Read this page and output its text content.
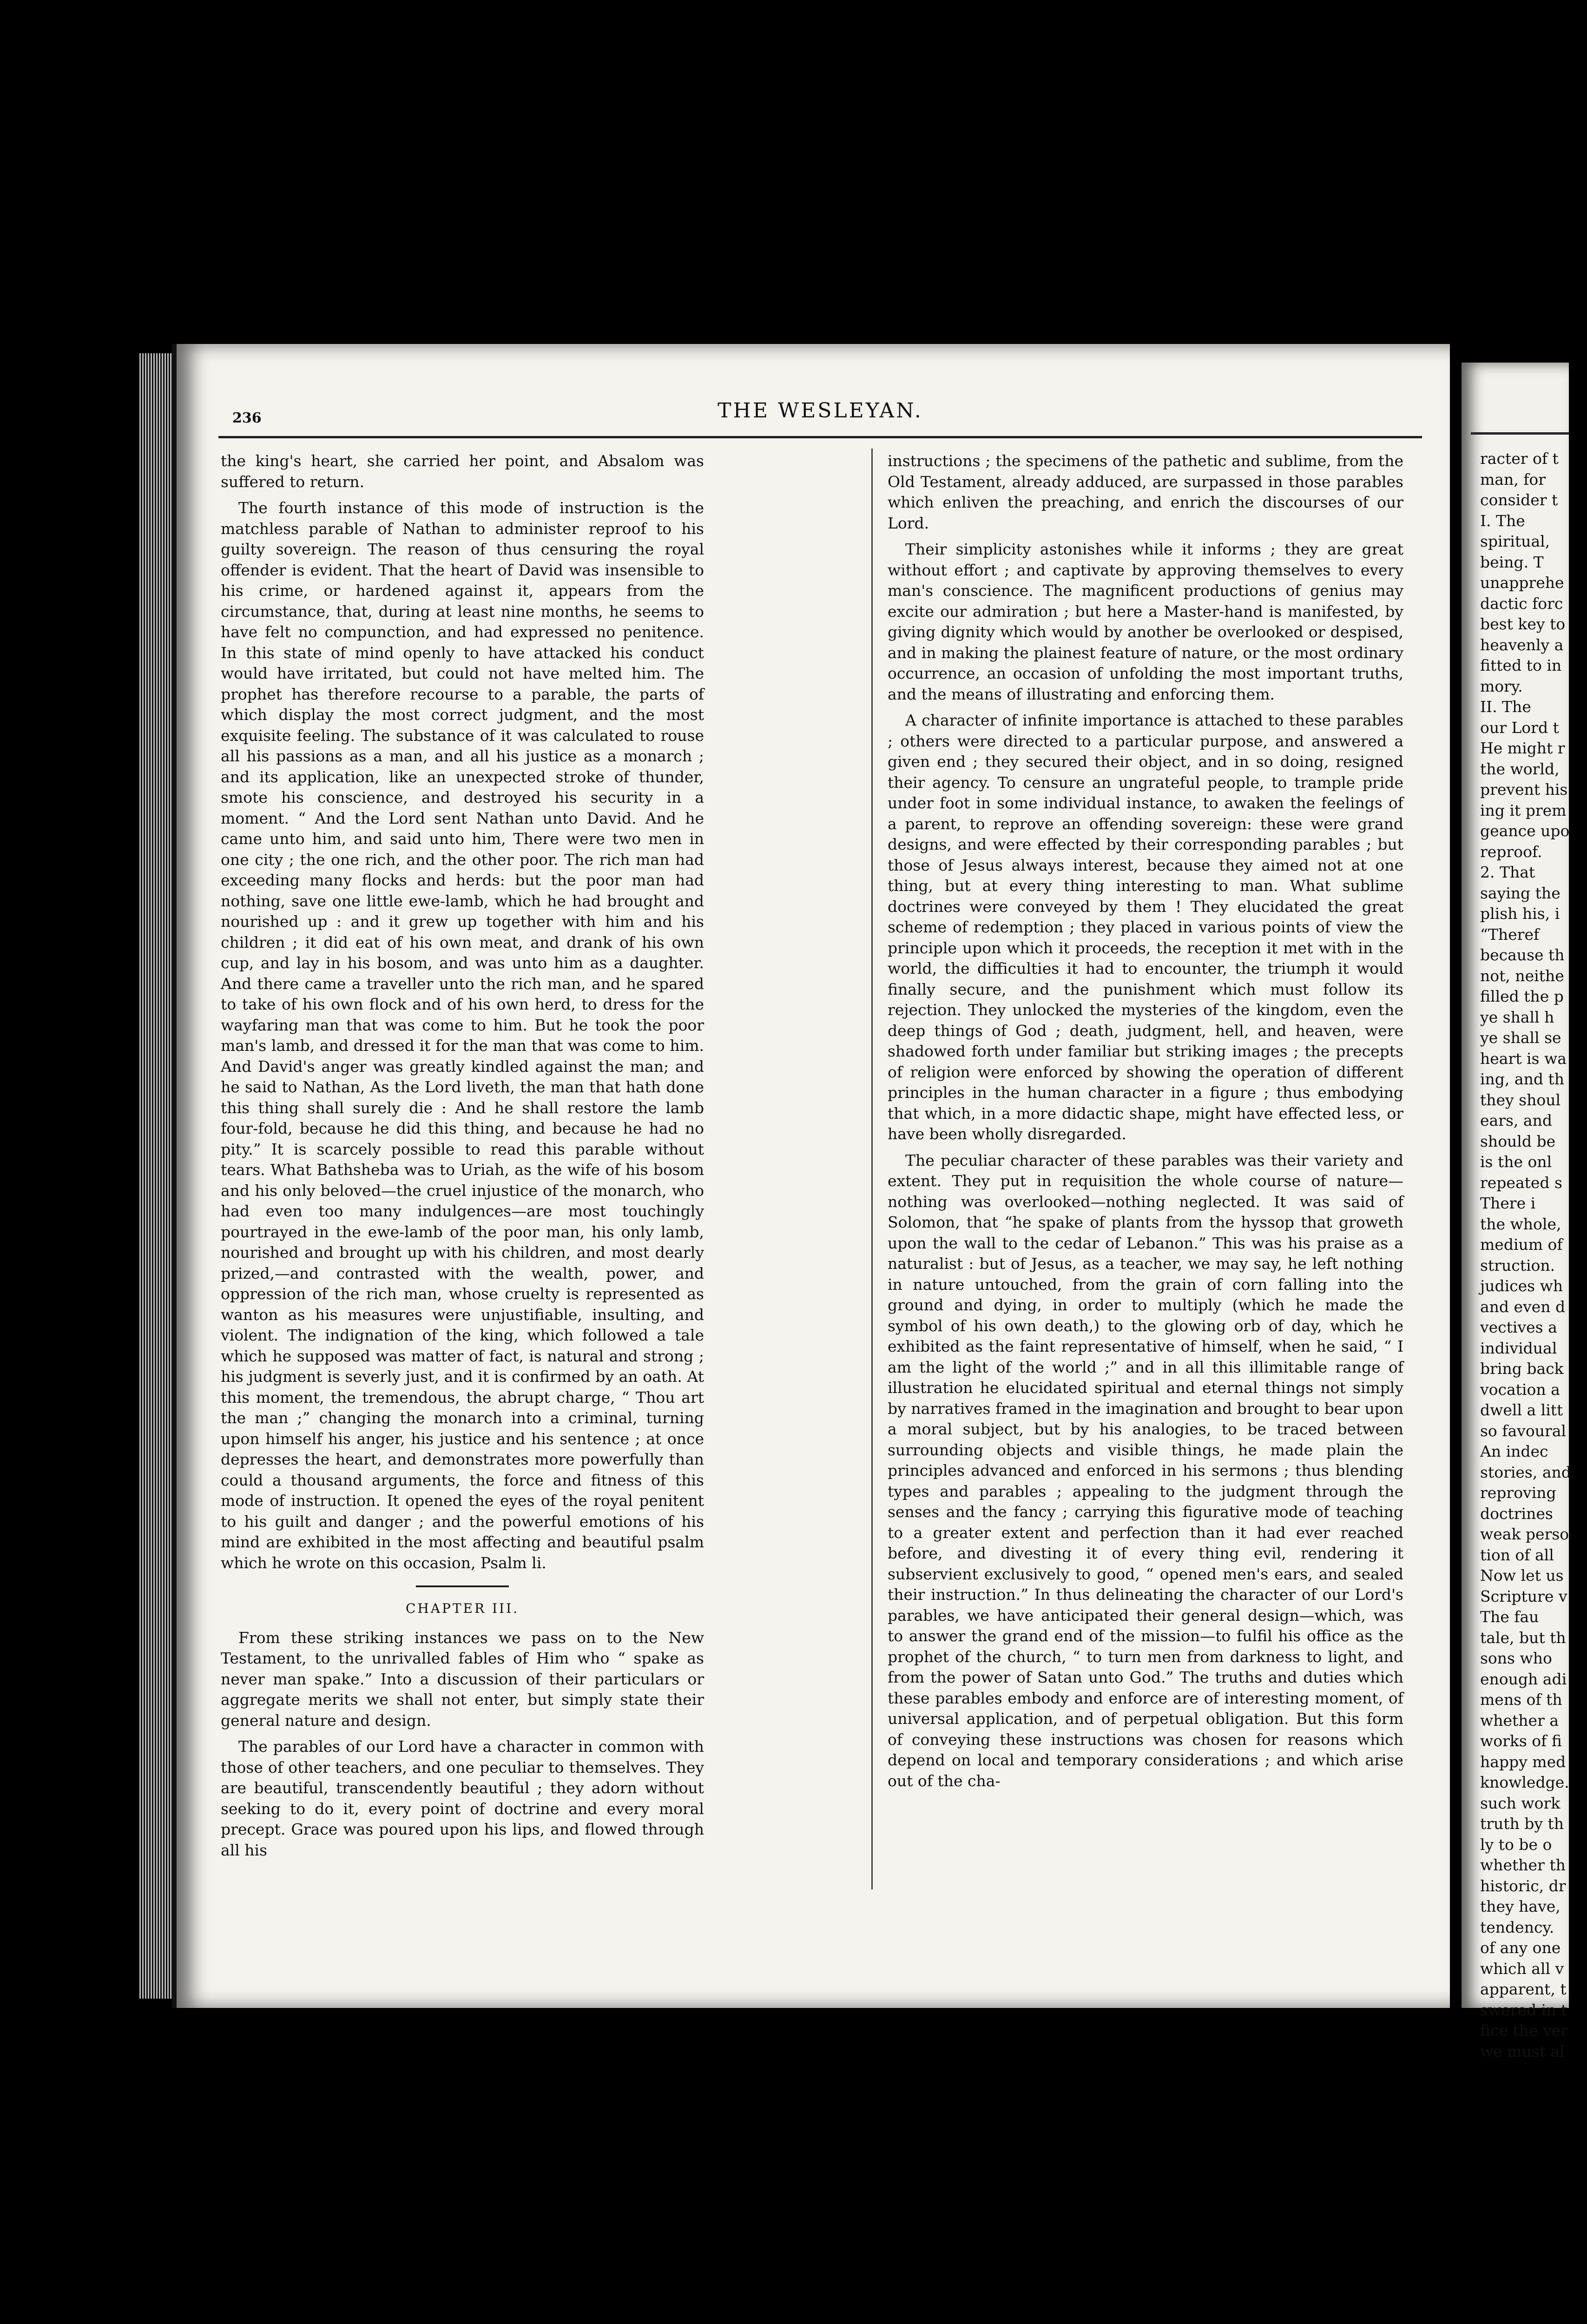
236	THE WESLEYAN.

the king's heart, she carried her point, and Absalom was suffered to return.

The fourth instance of this mode of instruction is the matchless parable of Nathan to administer reproof to his guilty sovereign. The reason of thus censuring the royal offender is evident. That the heart of David was insensible to his crime, or hardened against it, appears from the circumstance, that, during at least nine months, he seems to have felt no compunction, and had expressed no penitence. In this state of mind openly to have attacked his conduct would have irritated, but could not have melted him. The prophet has therefore recourse to a parable, the parts of which display the most correct judgment, and the most exquisite feeling. The substance of it was calculated to rouse all his passions as a man, and all his justice as a monarch ; and its application, like an unexpected stroke of thunder, smote his conscience, and destroyed his security in a moment. “ And the Lord sent Nathan unto David. And he came unto him, and said unto him, There were two men in one city ; the one rich, and the other poor. The rich man had exceeding many flocks and herds: but the poor man had nothing, save one little ewe-lamb, which he had brought and nourished up : and it grew up together with him and his children ; it did eat of his own meat, and drank of his own cup, and lay in his bosom, and was unto him as a daughter. And there came a traveller unto the rich man, and he spared to take of his own flock and of his own herd, to dress for the wayfaring man that was come to him. But he took the poor man's lamb, and dressed it for the man that was come to him. And David's anger was greatly kindled against the man; and he said to Nathan, As the Lord liveth, the man that hath done this thing shall surely die : And he shall restore the lamb four-fold, because he did this thing, and because he had no pity.” It is scarcely possible to read this parable without tears. What Bathsheba was to Uriah, as the wife of his bosom and his only beloved—the cruel injustice of the monarch, who had even too many indulgences—are most touchingly pourtrayed in the ewe-lamb of the poor man, his only lamb, nourished and brought up with his children, and most dearly prized,—and contrasted with the wealth, power, and oppression of the rich man, whose cruelty is represented as wanton as his measures were unjustifiable, insulting, and violent. The indignation of the king, which followed a tale which he supposed was matter of fact, is natural and strong ; his judgment is severly just, and it is confirmed by an oath. At this moment, the tremendous, the abrupt charge, “ Thou art the man ;” changing the monarch into a criminal, turning upon himself his anger, his justice and his sentence ; at once depresses the heart, and demonstrates more powerfully than could a thousand arguments, the force and fitness of this mode of instruction. It opened the eyes of the royal penitent to his guilt and danger ; and the powerful emotions of his mind are exhibited in the most affecting and beautiful psalm which he wrote on this occasion, Psalm li.

CHAPTER III.

From these striking instances we pass on to the New Testament, to the unrivalled fables of Him who “ spake as never man spake.” Into a discussion of their particulars or aggregate merits we shall not enter, but simply state their general nature and design.

The parables of our Lord have a character in common with those of other teachers, and one peculiar to themselves. They are beautiful, transcendently beautiful ; they adorn without seeking to do it, every point of doctrine and every moral precept. Grace was poured upon his lips, and flowed through all his

instructions ; the specimens of the pathetic and sublime, from the Old Testament, already adduced, are surpassed in those parables which enliven the preaching, and enrich the discourses of our Lord.

Their simplicity astonishes while it informs ; they are great without effort ; and captivate by approving themselves to every man's conscience. The magnificent productions of genius may excite our admiration ; but here a Master-hand is manifested, by giving dignity which would by another be overlooked or despised, and in making the plainest feature of nature, or the most ordinary occurrence, an occasion of unfolding the most important truths, and the means of illustrating and enforcing them.

A character of infinite importance is attached to these parables ; others were directed to a particular purpose, and answered a given end ; they secured their object, and in so doing, resigned their agency. To censure an ungrateful people, to trample pride under foot in some individual instance, to awaken the feelings of a parent, to reprove an offending sovereign: these were grand designs, and were effected by their corresponding parables ; but those of Jesus always interest, because they aimed not at one thing, but at every thing interesting to man. What sublime doctrines were conveyed by them ! They elucidated the great scheme of redemption ; they placed in various points of view the principle upon which it proceeds, the reception it met with in the world, the difficulties it had to encounter, the triumph it would finally secure, and the punishment which must follow its rejection. They unlocked the mysteries of the kingdom, even the deep things of God ; death, judgment, hell, and heaven, were shadowed forth under familiar but striking images ; the precepts of religion were enforced by showing the operation of different principles in the human character in a figure ; thus embodying that which, in a more didactic shape, might have effected less, or have been wholly disregarded.

The peculiar character of these parables was their variety and extent. They put in requisition the whole course of nature—nothing was overlooked—nothing neglected. It was said of Solomon, that “he spake of plants from the hyssop that groweth upon the wall to the cedar of Lebanon.” This was his praise as a naturalist : but of Jesus, as a teacher, we may say, he left nothing in nature untouched, from the grain of corn falling into the ground and dying, in order to multiply (which he made the symbol of his own death,) to the glowing orb of day, which he exhibited as the faint representative of himself, when he said, “ I am the light of the world ;” and in all this illimitable range of illustration he elucidated spiritual and eternal things not simply by narratives framed in the imagination and brought to bear upon a moral subject, but by his analogies, to be traced between surrounding objects and visible things, he made plain the principles advanced and enforced in his sermons ; thus blending types and parables ; appealing to the judgment through the senses and the fancy ; carrying this figurative mode of teaching to a greater extent and perfection than it had ever reached before, and divesting it of every thing evil, rendering it subservient exclusively to good, “ opened men's ears, and sealed their instruction.” In thus delineating the character of our Lord's parables, we have anticipated their general design—which, was to answer the grand end of the mission—to fulfil his office as the prophet of the church, “ to turn men from darkness to light, and from the power of Satan unto God.” The truths and duties which these parables embody and enforce are of interesting moment, of universal application, and of perpetual obligation. But this form of conveying these instructions was chosen for reasons which depend on local and temporary considerations ; and which arise out of the cha-

racter of t
man, for
consider t
I. The
spiritual,
being. T
unapprehe
dactic forc
best key to
heavenly a
fitted to in
mory.
II. The
our Lord t
He might r
the world,
prevent his
ing it prem
geance upo
reproof.
2. That
saying the
plish his, i
“Theref
because th
not, neithe
filled the p
ye shall h
ye shall se
heart is wa
ing, and th
they shoul
ears, and
should be
is the onl
repeated s
There i
the whole,
medium of
struction.
judices wh
and even d
vectives a
individual
bring back
vocation a
dwell a litt
so favoural
An indec
stories, and
reproving
doctrines
weak perso
tion of all
Now let us
Scripture v
The fau
tale, but th
sons who
enough adi
mens of th
whether a
works of fi
happy med
knowledge.
such work
truth by th
ly to be o
whether th
historic, dr
they have,
tendency.
of any one
which all v
apparent, t
swered in t
fice the ver
we must al
